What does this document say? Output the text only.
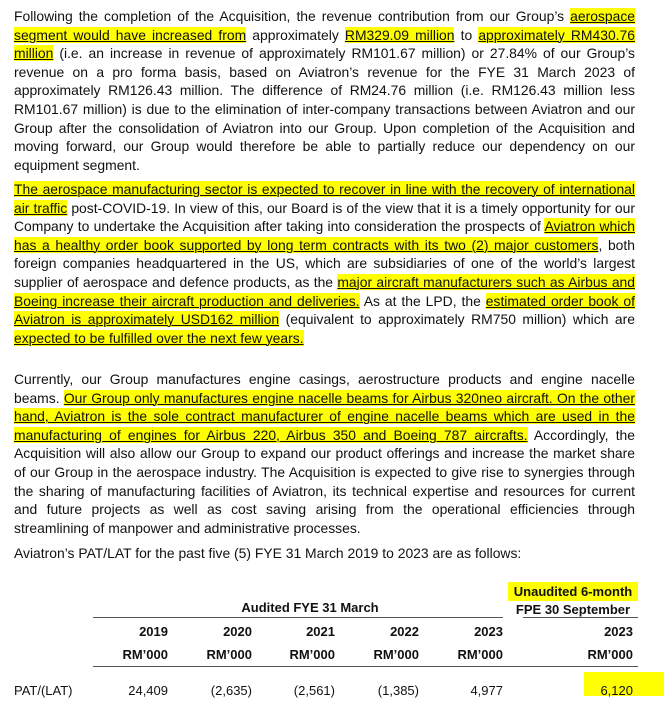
Following the completion of the Acquisition, the revenue contribution from our Group’s aerospace segment would have increased from approximately RM329.09 million to approximately RM430.76 million (i.e. an increase in revenue of approximately RM101.67 million) or 27.84% of our Group’s revenue on a pro forma basis, based on Aviatron’s revenue for the FYE 31 March 2023 of approximately RM126.43 million. The difference of RM24.76 million (i.e. RM126.43 million less RM101.67 million) is due to the elimination of inter-company transactions between Aviatron and our Group after the consolidation of Aviatron into our Group. Upon completion of the Acquisition and moving forward, our Group would therefore be able to partially reduce our dependency on our equipment segment.

The aerospace manufacturing sector is expected to recover in line with the recovery of international air traffic post-COVID-19. In view of this, our Board is of the view that it is a timely opportunity for our Company to undertake the Acquisition after taking into consideration the prospects of Aviatron which has a healthy order book supported by long term contracts with its two (2) major customers, both foreign companies headquartered in the US, which are subsidiaries of one of the world’s largest supplier of aerospace and defence products, as the major aircraft manufacturers such as Airbus and Boeing increase their aircraft production and deliveries. As at the LPD, the estimated order book of Aviatron is approximately USD162 million (equivalent to approximately RM750 million) which are expected to be fulfilled over the next few years.

Currently, our Group manufactures engine casings, aerostructure products and engine nacelle beams. Our Group only manufactures engine nacelle beams for Airbus 320neo aircraft. On the other hand, Aviatron is the sole contract manufacturer of engine nacelle beams which are used in the manufacturing of engines for Airbus 220, Airbus 350 and Boeing 787 aircrafts. Accordingly, the Acquisition will also allow our Group to expand our product offerings and increase the market share of our Group in the aerospace industry. The Acquisition is expected to give rise to synergies through the sharing of manufacturing facilities of Aviatron, its technical expertise and resources for current and future projects as well as cost saving arising from the operational efficiencies through streamlining of manpower and administrative processes.

Aviatron’s PAT/LAT for the past five (5) FYE 31 March 2019 to 2023 are as follows:

Unaudited 6-month
Audited FYE 31 March	FPE 30 September
2019	2020	2021	2022	2023	2023
RM’000	RM’000	RM’000	RM’000	RM’000	RM’000
PAT/(LAT)	24,409	(2,635)	(2,561)	(1,385)	4,977	6,120
